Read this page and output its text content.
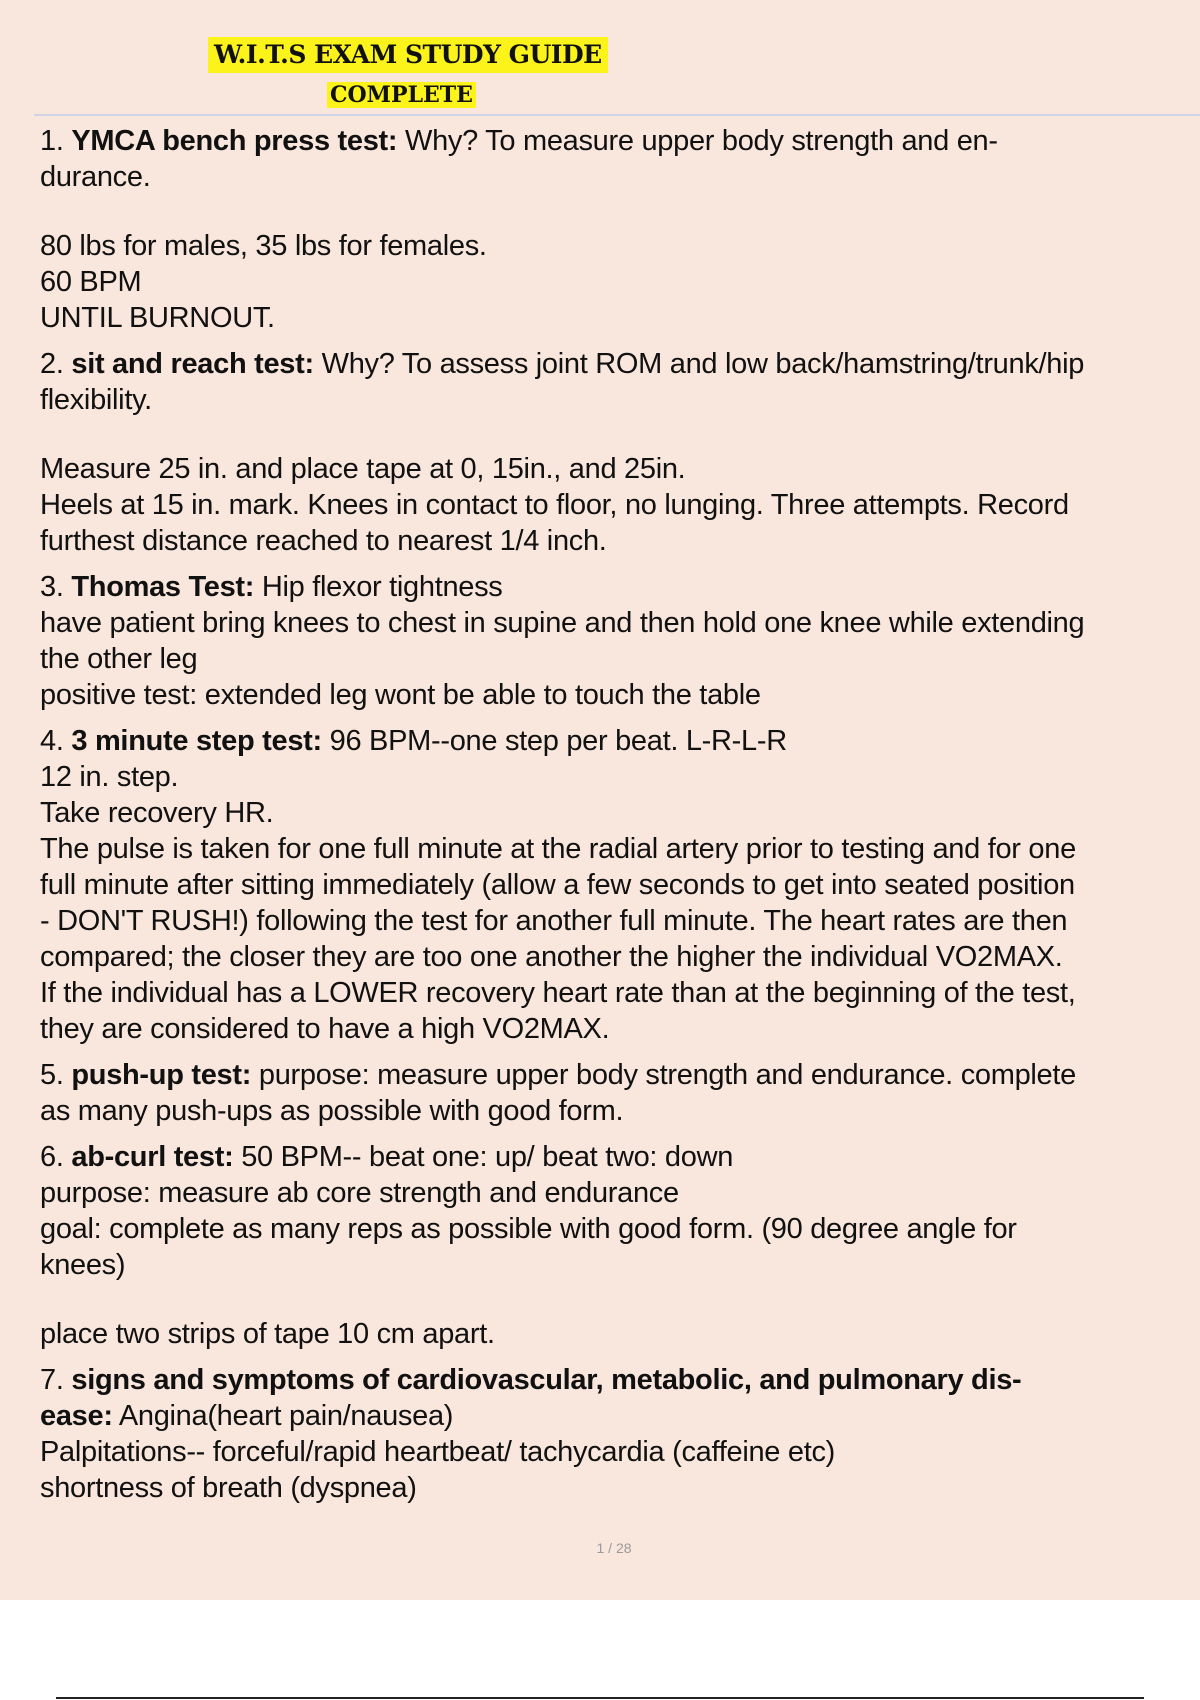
W.I.T.S EXAM STUDY GUIDE
COMPLETE
1. YMCA bench press test: Why? To measure upper body strength and en-
durance.
80 lbs for males, 35 lbs for females.
60 BPM
UNTIL BURNOUT.
2. sit and reach test: Why? To assess joint ROM and low back/hamstring/trunk/hip
flexibility.
Measure 25 in. and place tape at 0, 15in., and 25in.
Heels at 15 in. mark. Knees in contact to floor, no lunging. Three attempts. Record
furthest distance reached to nearest 1/4 inch.
3. Thomas Test: Hip flexor tightness
have patient bring knees to chest in supine and then hold one knee while extending
the other leg
positive test: extended leg wont be able to touch the table
4. 3 minute step test: 96 BPM--one step per beat. L-R-L-R
12 in. step.
Take recovery HR.
The pulse is taken for one full minute at the radial artery prior to testing and for one
full minute after sitting immediately (allow a few seconds to get into seated position
- DON'T RUSH!) following the test for another full minute. The heart rates are then
compared; the closer they are too one another the higher the individual VO2MAX.
If the individual has a LOWER recovery heart rate than at the beginning of the test,
they are considered to have a high VO2MAX.
5. push-up test: purpose: measure upper body strength and endurance. complete
as many push-ups as possible with good form.
6. ab-curl test: 50 BPM-- beat one: up/ beat two: down
purpose: measure ab core strength and endurance
goal: complete as many reps as possible with good form. (90 degree angle for
knees)
place two strips of tape 10 cm apart.
7. signs and symptoms of cardiovascular, metabolic, and pulmonary dis-
ease: Angina(heart pain/nausea)
Palpitations-- forceful/rapid heartbeat/ tachycardia (caffeine etc)
shortness of breath (dyspnea)
1 / 28
